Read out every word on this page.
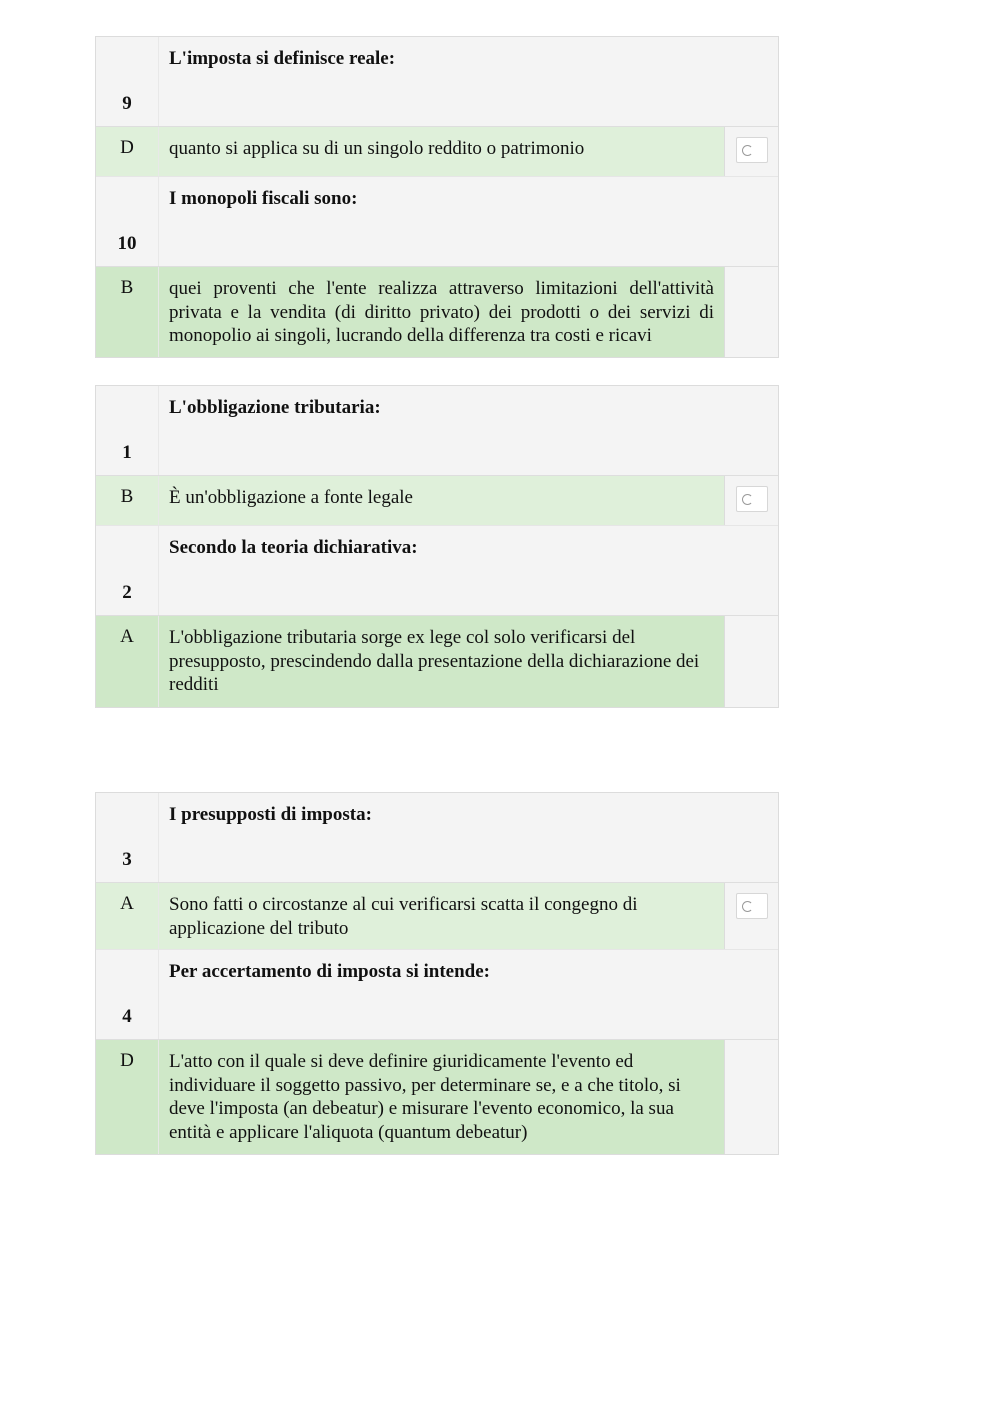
9
L'imposta si definisce reale:
D	quanto si applica su di un singolo reddito o patrimonio
10
I monopoli fiscali sono:
B	quei proventi che l'ente realizza attraverso limitazioni dell'attività privata e la vendita (di diritto privato) dei prodotti o dei servizi di monopolio ai singoli, lucrando della differenza tra costi e ricavi
1
L'obbligazione tributaria:
B	È un'obbligazione a fonte legale
2
Secondo la teoria dichiarativa:
A	L'obbligazione tributaria sorge ex lege col solo verificarsi del presupposto, prescindendo dalla presentazione della dichiarazione dei redditi
3
I presupposti di imposta:
A	Sono fatti o circostanze al cui verificarsi scatta il congegno di applicazione del tributo
4
Per accertamento di imposta si intende:
D	L'atto con il quale si deve definire giuridicamente l'evento ed individuare il soggetto passivo, per determinare se, e a che titolo, si deve l'imposta (an debeatur) e misurare l'evento economico, la sua entità e applicare l'aliquota (quantum debeatur)
